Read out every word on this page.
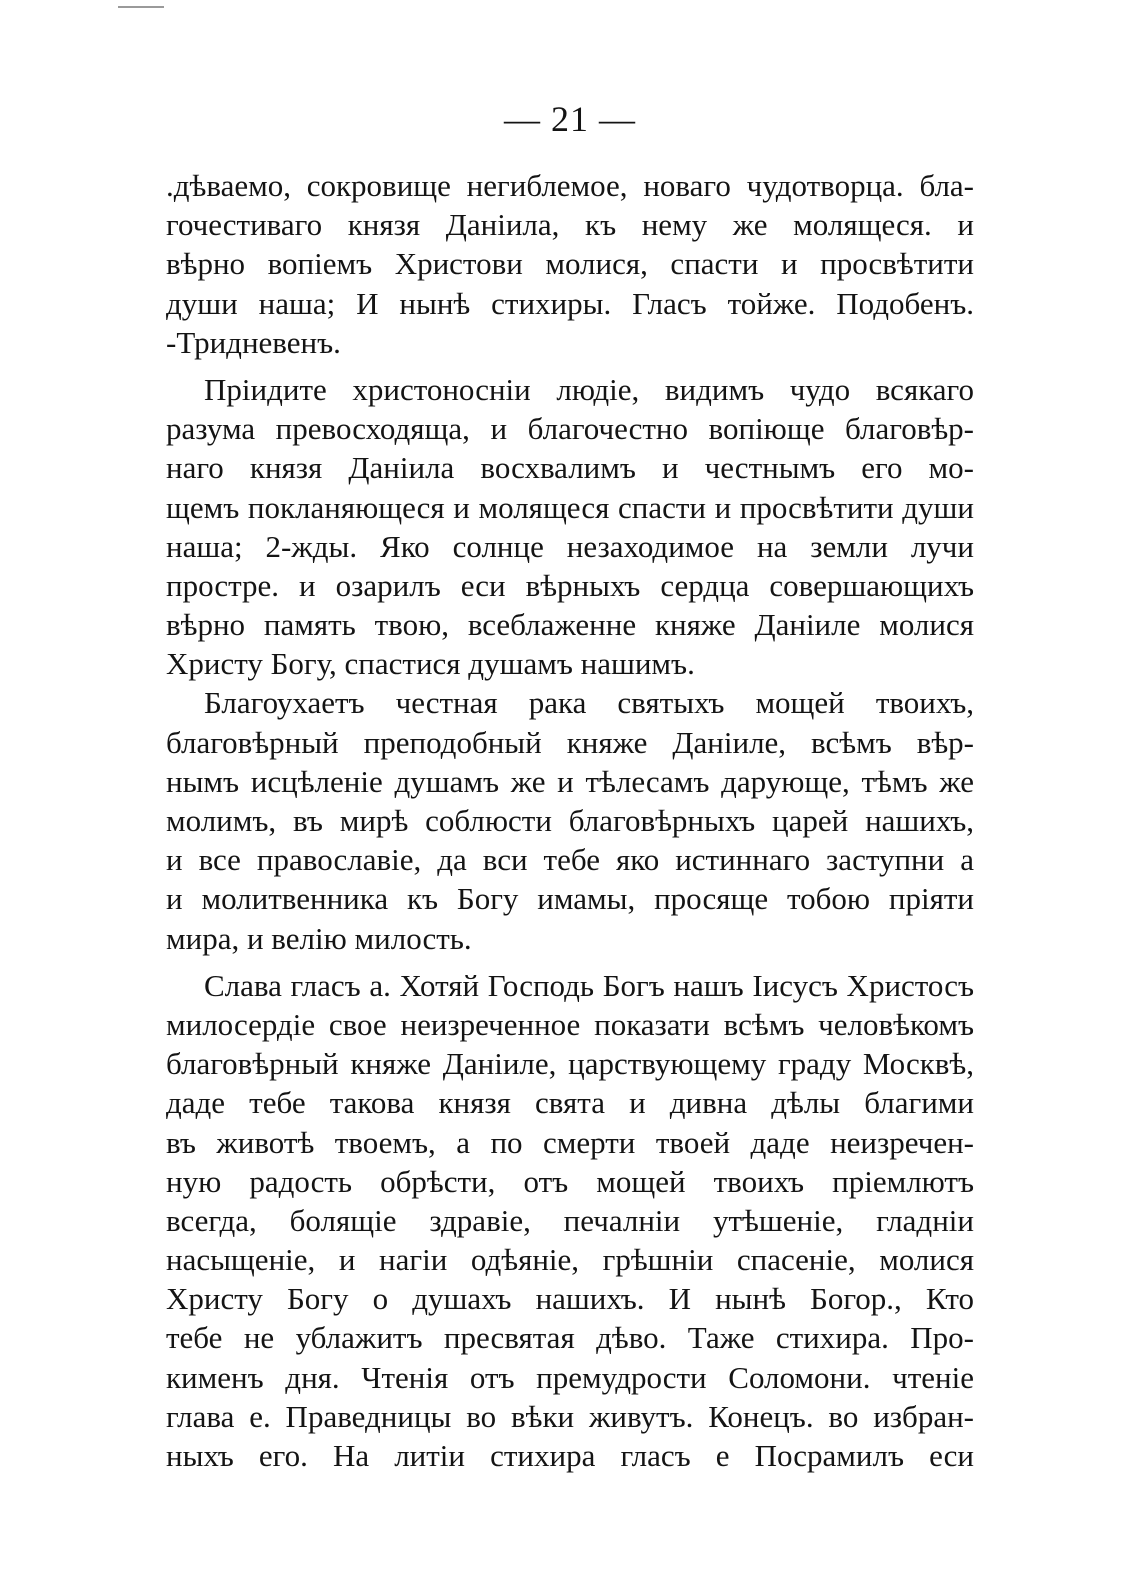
— 21 —
.дѣваемо, сокровище негиблемое, новаго чудотворца. бла-
гочестиваго князя Даніила, къ нему же молящеся. и
вѣрно вопіемъ Христови молися, спасти и просвѣтити
души наша; И нынѣ стихиры. Гласъ тойже. Подобенъ.
-Тридневенъ.
Пріидите христоносніи людіе, видимъ чудо всякаго
разума превосходяща, и благочестно вопіюще благовѣр-
наго князя Даніила восхвалимъ и честнымъ его мо-
щемъ покланяющеся и молящеся спасти и просвѣтити души
наша; 2-жды. Яко солнце незаходимое на земли лучи
простре. и озарилъ еси вѣрныхъ сердца совершающихъ
вѣрно память твою, всеблаженне княже Даніиле молися
Христу Богу, спастися душамъ нашимъ.
Благоухаетъ честная рака святыхъ мощей твоихъ,
благовѣрный преподобный княже Даніиле, всѣмъ вѣр-
нымъ исцѣленіе душамъ же и тѣлесамъ дарующе, тѣмъ же
молимъ, въ мирѣ соблюсти благовѣрныхъ царей нашихъ,
и все православіе, да вси тебе яко истиннаго заступни а
и молитвенника къ Богу имамы, просяще тобою пріяти
мира, и велію милость.
Слава гласъ а. Хотяй Господь Богъ нашъ Іисусъ Христосъ
милосердіе свое неизреченное показати всѣмъ человѣкомъ
благовѣрный княже Даніиле, царствующему граду Москвѣ,
даде тебе такова князя свята и дивна дѣлы благими
въ животѣ твоемъ, а по смерти твоей даде неизречен-
ную радость обрѣсти, отъ мощей твоихъ пріемлютъ
всегда, болящіе здравіе, печалніи утѣшеніе, гладніи
насыщеніе, и нагіи одѣяніе, грѣшніи спасеніе, молися
Христу Богу о душахъ нашихъ. И нынѣ Богор., Кто
тебе не ублажитъ пресвятая дѣво. Таже стихира. Про-
кименъ дня. Чтенія отъ премудрости Соломони. чтеніе
глава е. Праведницы во вѣки живутъ. Конецъ. во избран-
ныхъ его. На литіи стихира гласъ е Посрамилъ еси
